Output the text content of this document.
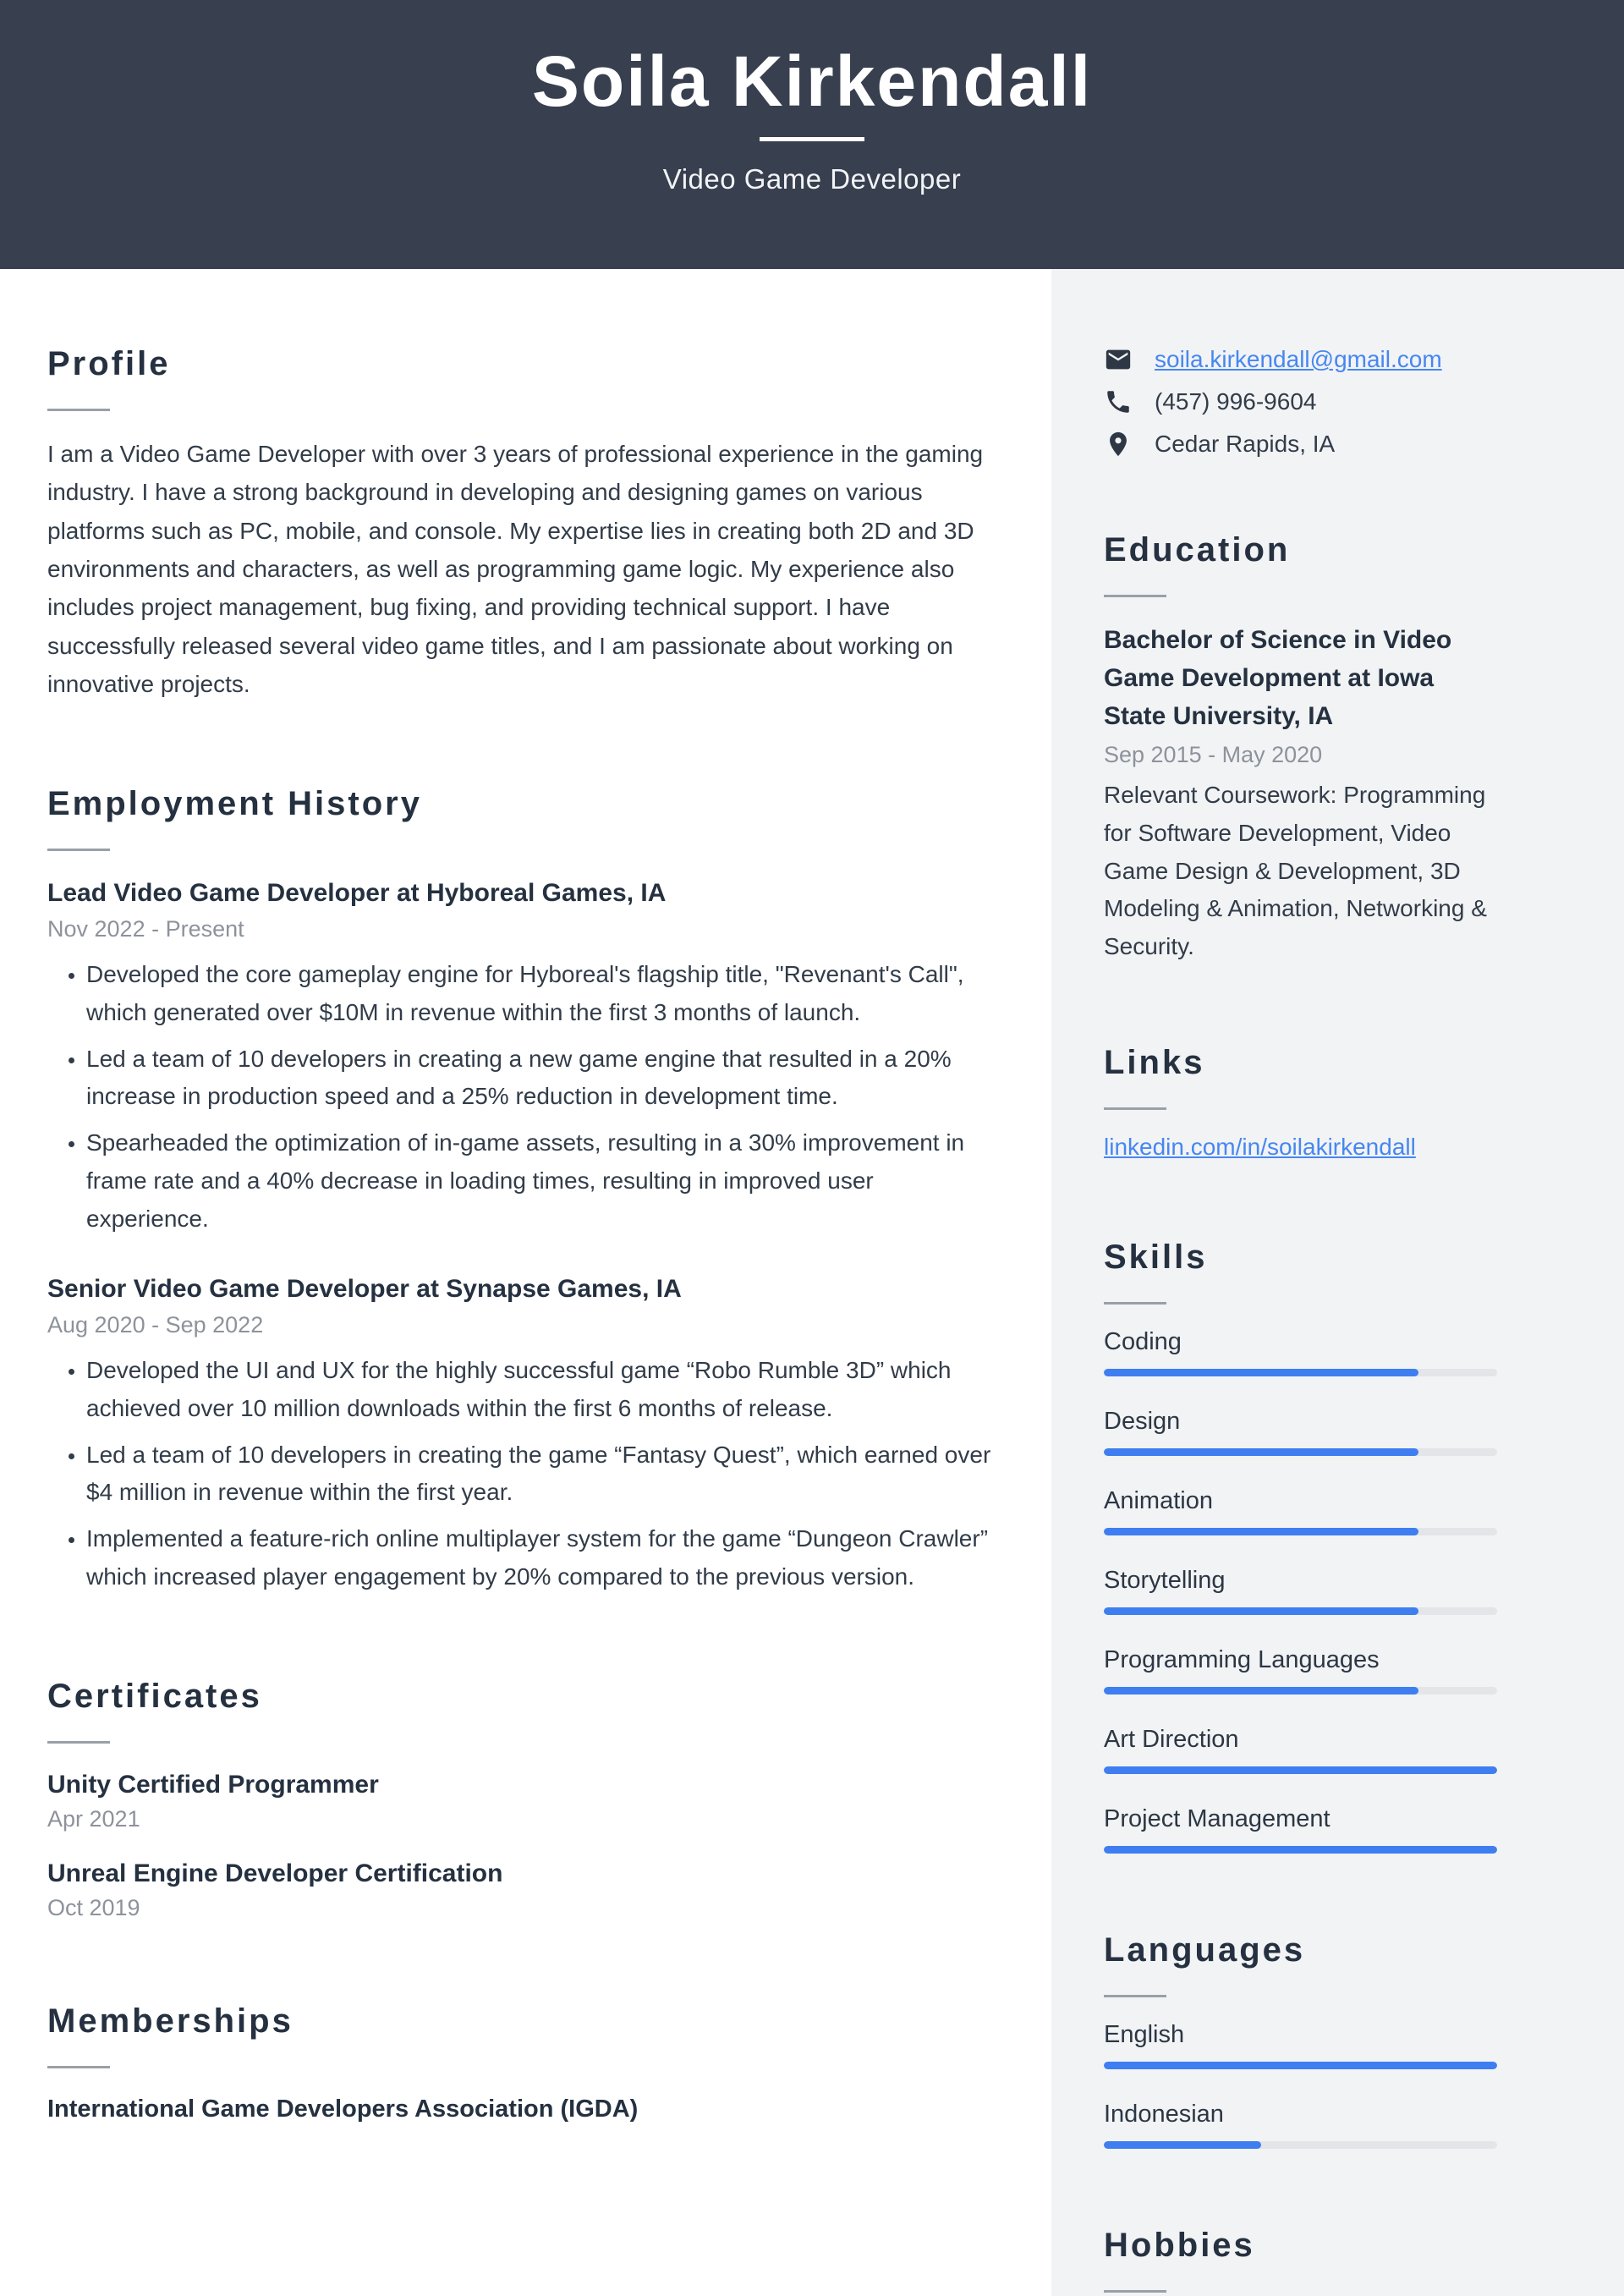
Soila Kirkendall
Video Game Developer
Profile

I am a Video Game Developer with over 3 years of professional experience in the gaming industry. I have a strong background in developing and designing games on various platforms such as PC, mobile, and console. My expertise lies in creating both 2D and 3D environments and characters, as well as programming game logic. My experience also includes project management, bug fixing, and providing technical support. I have successfully released several video game titles, and I am passionate about working on innovative projects.

Employment History
Lead Video Game Developer at Hyboreal Games, IA
Nov 2022 - Present
• Developed the core gameplay engine for Hyboreal's flagship title, "Revenant's Call", which generated over $10M in revenue within the first 3 months of launch.
• Led a team of 10 developers in creating a new game engine that resulted in a 20% increase in production speed and a 25% reduction in development time.
• Spearheaded the optimization of in-game assets, resulting in a 30% improvement in frame rate and a 40% decrease in loading times, resulting in improved user experience.
Senior Video Game Developer at Synapse Games, IA
Aug 2020 - Sep 2022
• Developed the UI and UX for the highly successful game “Robo Rumble 3D” which achieved over 10 million downloads within the first 6 months of release.
• Led a team of 10 developers in creating the game “Fantasy Quest”, which earned over $4 million in revenue within the first year.
• Implemented a feature-rich online multiplayer system for the game “Dungeon Crawler” which increased player engagement by 20% compared to the previous version.
Certificates
Unity Certified Programmer
Apr 2021
Unreal Engine Developer Certification
Oct 2019
Memberships

International Game Developers Association (IGDA)

soila.kirkendall@gmail.com
(457) 996-9604
Cedar Rapids, IA
Education
Bachelor of Science in Video Game Development at Iowa State University, IA
Sep 2015 - May 2020

Relevant Coursework: Programming for Software Development, Video Game Design & Development, 3D Modeling & Animation, Networking & Security.

Links
linkedin.com/in/soilakirkendall
Skills
Coding
Design
Animation
Storytelling
Programming Languages
Art Direction
Project Management
Languages
English
Indonesian
Hobbies
